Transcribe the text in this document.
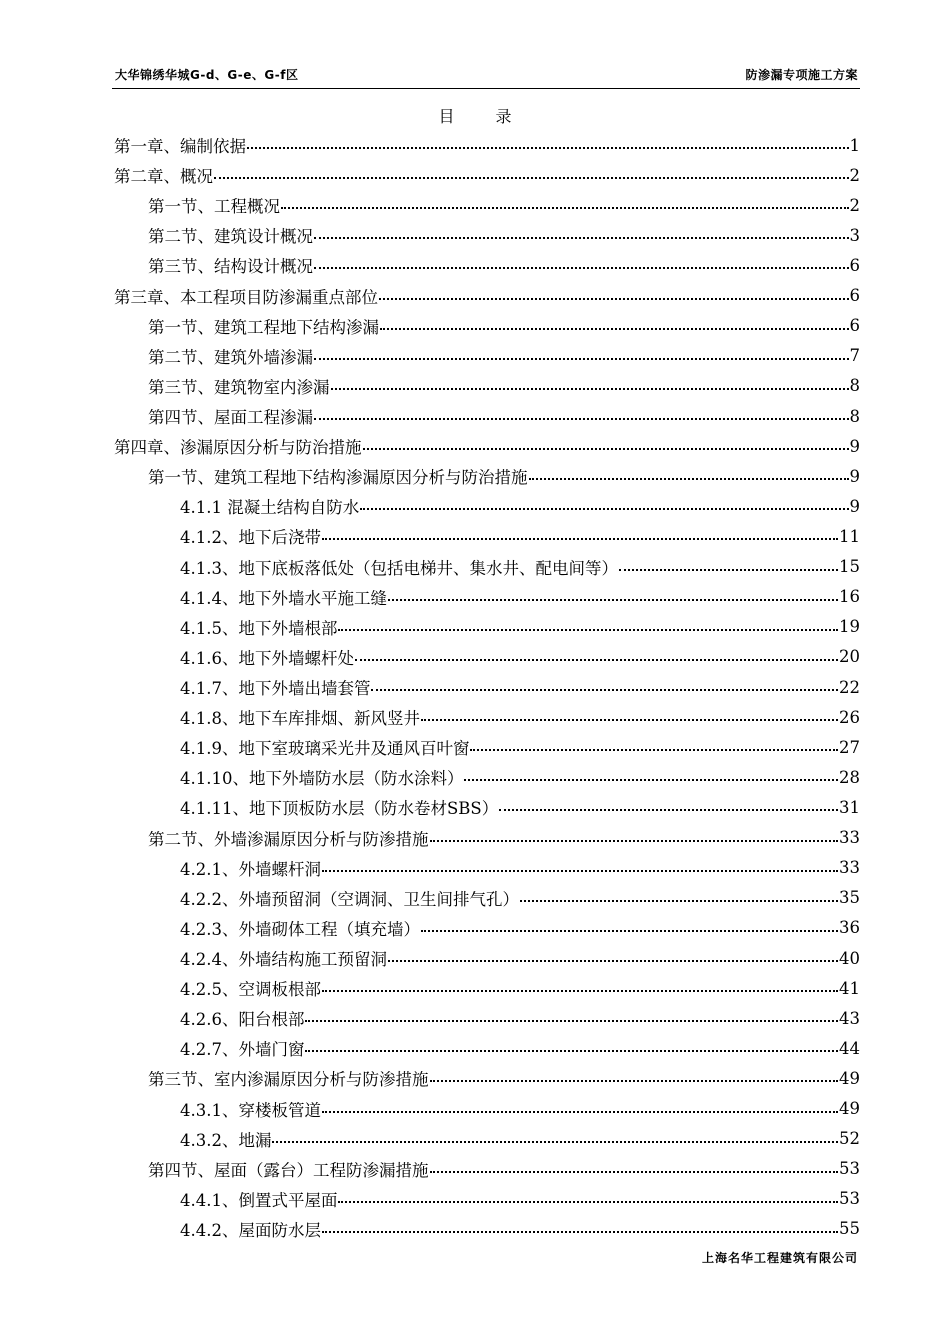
大华锦绣华城G-d、G-e、G-f区	防渗漏专项施工方案
目 录
第一章、编制依据	1
第二章、概况	2
第一节、工程概况	2
第二节、建筑设计概况	3
第三节、结构设计概况	6
第三章、本工程项目防渗漏重点部位	6
第一节、建筑工程地下结构渗漏	6
第二节、建筑外墙渗漏	7
第三节、建筑物室内渗漏	8
第四节、屋面工程渗漏	8
第四章、渗漏原因分析与防治措施	9
第一节、建筑工程地下结构渗漏原因分析与防治措施	9
4.1.1 混凝土结构自防水	9
4.1.2、地下后浇带	11
4.1.3、地下底板落低处（包括电梯井、集水井、配电间等）	15
4.1.4、地下外墙水平施工缝	16
4.1.5、地下外墙根部	19
4.1.6、地下外墙螺杆处	20
4.1.7、地下外墙出墙套管	22
4.1.8、地下车库排烟、新风竖井	26
4.1.9、地下室玻璃采光井及通风百叶窗	27
4.1.10、地下外墙防水层（防水涂料）	28
4.1.11、地下顶板防水层（防水卷材SBS）	31
第二节、外墙渗漏原因分析与防渗措施	33
4.2.1、外墙螺杆洞	33
4.2.2、外墙预留洞（空调洞、卫生间排气孔）	35
4.2.3、外墙砌体工程（填充墙）	36
4.2.4、外墙结构施工预留洞	40
4.2.5、空调板根部	41
4.2.6、阳台根部	43
4.2.7、外墙门窗	44
第三节、室内渗漏原因分析与防渗措施	49
4.3.1、穿楼板管道	49
4.3.2、地漏	52
第四节、屋面（露台）工程防渗漏措施	53
4.4.1、倒置式平屋面	53
4.4.2、屋面防水层	55
上海名华工程建筑有限公司
